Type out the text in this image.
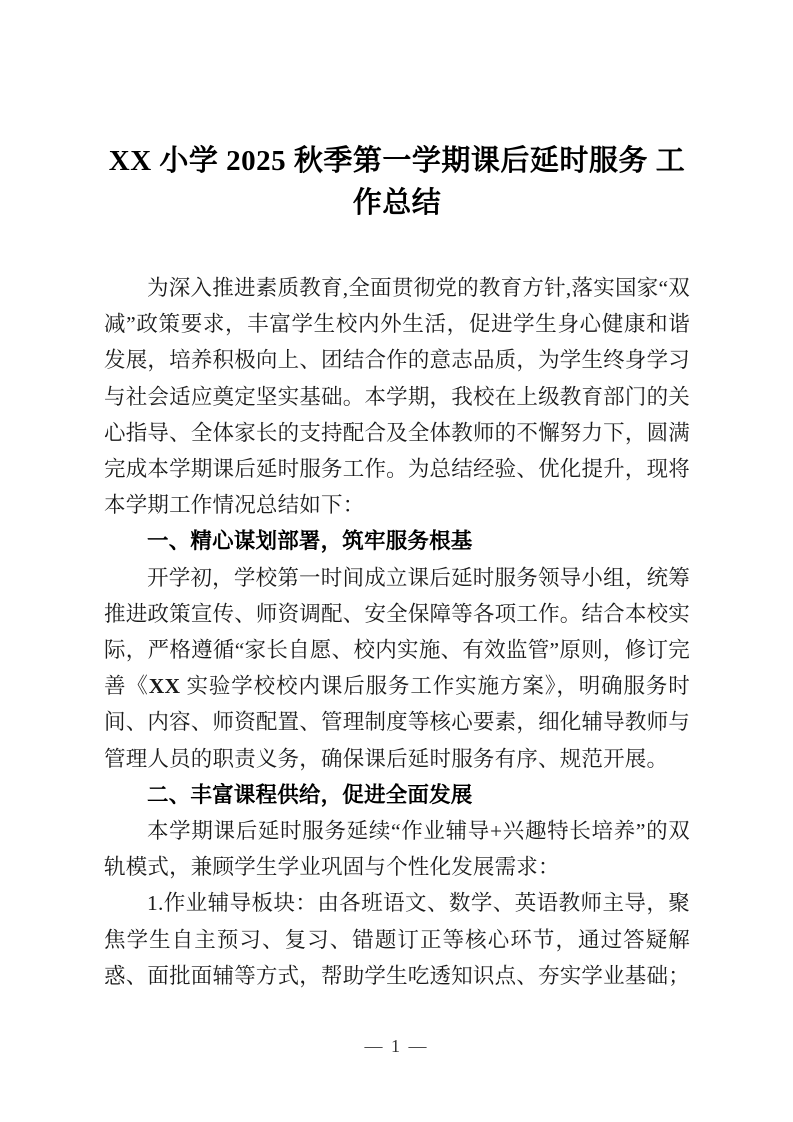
XX 小学 2025 秋季第一学期课后延时服务 工作总结

为深入推进素质教育,全面贯彻党的教育方针,落实国家“双减”政策要求，丰富学生校内外生活，促进学生身心健康和谐发展，培养积极向上、团结合作的意志品质，为学生终身学习与社会适应奠定坚实基础。本学期，我校在上级教育部门的关心指导、全体家长的支持配合及全体教师的不懈努力下，圆满完成本学期课后延时服务工作。为总结经验、优化提升，现将本学期工作情况总结如下：

一、精心谋划部署，筑牢服务根基

开学初，学校第一时间成立课后延时服务领导小组，统筹推进政策宣传、师资调配、安全保障等各项工作。结合本校实际，严格遵循“家长自愿、校内实施、有效监管”原则，修订完善《XX 实验学校校内课后服务工作实施方案》，明确服务时间、内容、师资配置、管理制度等核心要素，细化辅导教师与管理人员的职责义务，确保课后延时服务有序、规范开展。

二、丰富课程供给，促进全面发展

本学期课后延时服务延续“作业辅导+兴趣特长培养”的双轨模式，兼顾学生学业巩固与个性化发展需求：

1.作业辅导板块：由各班语文、数学、英语教师主导，聚焦学生自主预习、复习、错题订正等核心环节，通过答疑解惑、面批面辅等方式，帮助学生吃透知识点、夯实学业基础；

— 1 —
